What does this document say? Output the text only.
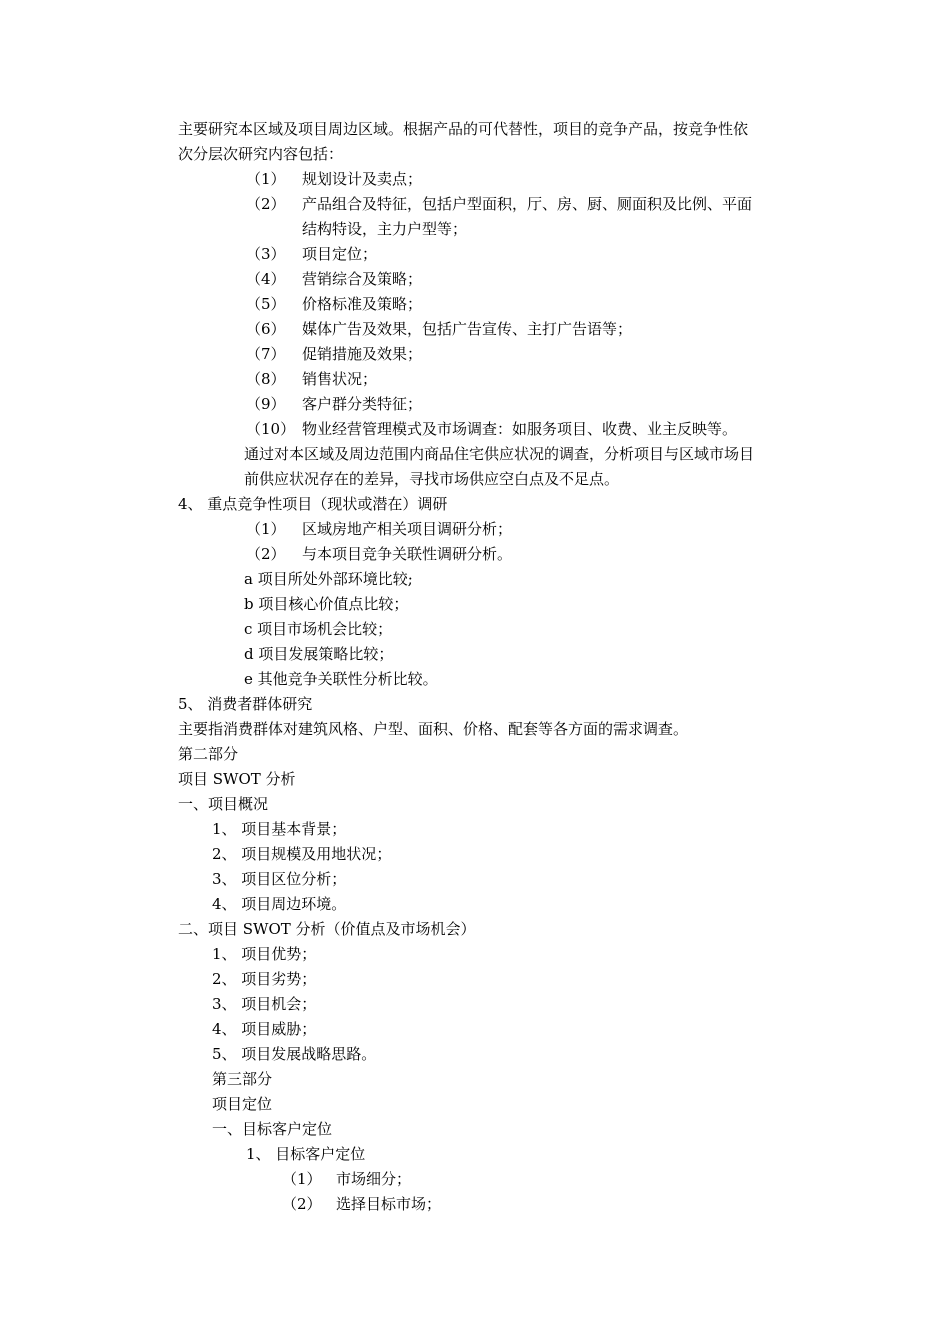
主要研究本区域及项目周边区域。根据产品的可代替性，项目的竞争产品，按竞争性依
次分层次研究内容包括：
（1） 规划设计及卖点；
（2） 产品组合及特征，包括户型面积，厅、房、厨、厕面积及比例、平面
结构特设，主力户型等；
（3） 项目定位；
（4） 营销综合及策略；
（5） 价格标准及策略；
（6） 媒体广告及效果，包括广告宣传、主打广告语等；
（7） 促销措施及效果；
（8） 销售状况；
（9） 客户群分类特征；
（10） 物业经营管理模式及市场调查：如服务项目、收费、业主反映等。
通过对本区域及周边范围内商品住宅供应状况的调查，分析项目与区域市场目
前供应状况存在的差异，寻找市场供应空白点及不足点。
4、 重点竞争性项目（现状或潜在）调研
（1） 区域房地产相关项目调研分析；
（2） 与本项目竞争关联性调研分析。
a 项目所处外部环境比较;
b 项目核心价值点比较；
c 项目市场机会比较；
d 项目发展策略比较；
e 其他竞争关联性分析比较。
5、 消费者群体研究
主要指消费群体对建筑风格、户型、面积、价格、配套等各方面的需求调查。
第二部分
项目 SWOT 分析
一、项目概况
1、 项目基本背景；
2、 项目规模及用地状况；
3、 项目区位分析；
4、 项目周边环境。
二、项目 SWOT 分析（价值点及市场机会）
1、 项目优势；
2、 项目劣势；
3、 项目机会；
4、 项目威胁；
5、 项目发展战略思路。
第三部分
项目定位
一、目标客户定位
1、 目标客户定位
（1） 市场细分；
（2） 选择目标市场；
